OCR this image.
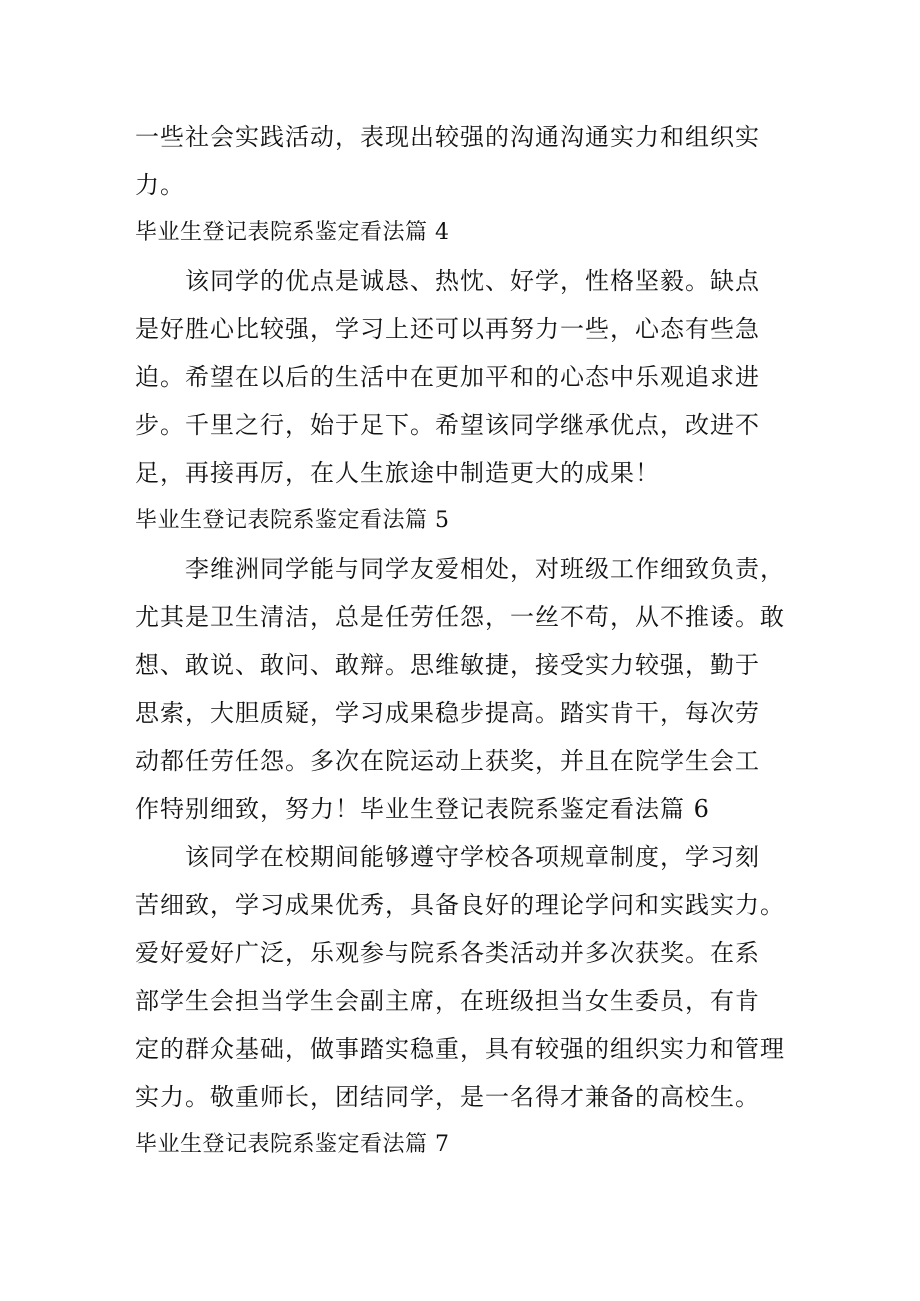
一些社会实践活动，表现出较强的沟通沟通实力和组织实
力。
毕业生登记表院系鉴定看法篇 4
该同学的优点是诚恳、热忱、好学，性格坚毅。缺点
是好胜心比较强，学习上还可以再努力一些，心态有些急
迫。希望在以后的生活中在更加平和的心态中乐观追求进
步。千里之行，始于足下。希望该同学继承优点，改进不
足，再接再厉，在人生旅途中制造更大的成果！
毕业生登记表院系鉴定看法篇 5
李维洲同学能与同学友爱相处，对班级工作细致负责，
尤其是卫生清洁，总是任劳任怨，一丝不苟，从不推诿。敢
想、敢说、敢问、敢辩。思维敏捷，接受实力较强，勤于
思索，大胆质疑，学习成果稳步提高。踏实肯干，每次劳
动都任劳任怨。多次在院运动上获奖，并且在院学生会工
作特别细致，努力！毕业生登记表院系鉴定看法篇 6
该同学在校期间能够遵守学校各项规章制度，学习刻
苦细致，学习成果优秀，具备良好的理论学问和实践实力。
爱好爱好广泛，乐观参与院系各类活动并多次获奖。在系
部学生会担当学生会副主席，在班级担当女生委员，有肯
定的群众基础，做事踏实稳重，具有较强的组织实力和管理
实力。敬重师长，团结同学，是一名得才兼备的高校生。
毕业生登记表院系鉴定看法篇 7
